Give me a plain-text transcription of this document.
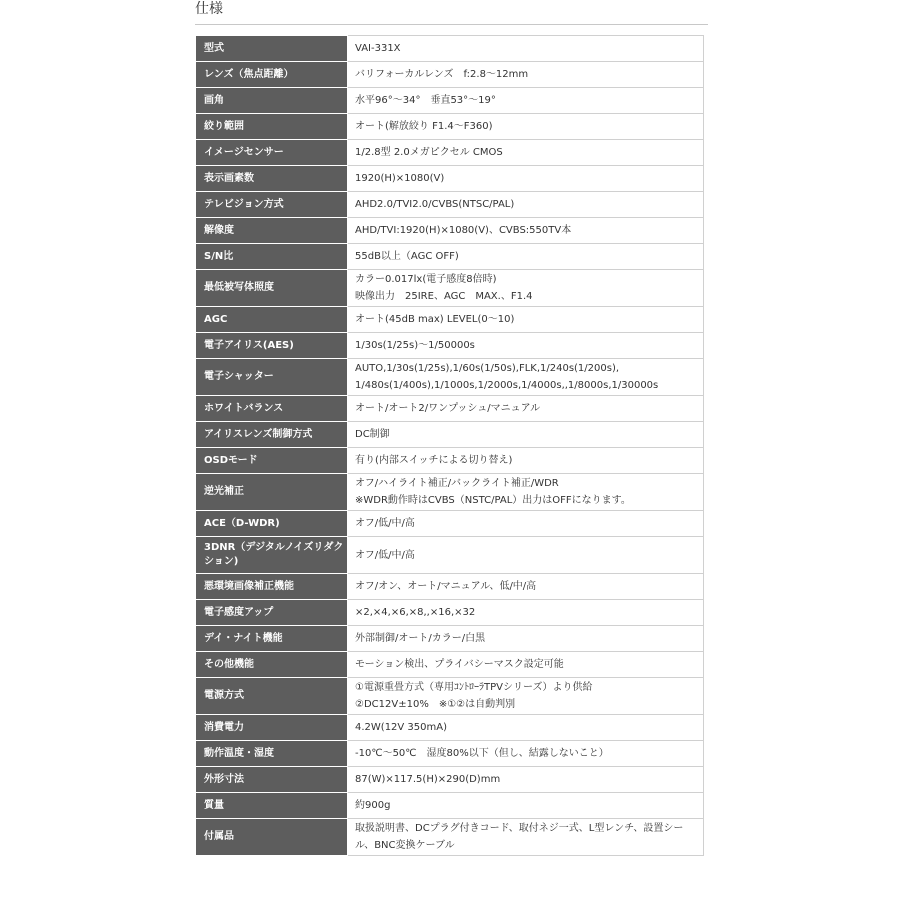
仕様
型式	VAI-331X

レンズ（焦点距離）	バリフォーカルレンズ　f:2.8〜12mm

画角	水平96°〜34°　垂直53°〜19°

絞り範囲	オート(解放絞り F1.4〜F360)

イメージセンサー	1/2.8型 2.0メガピクセル CMOS

表示画素数	1920(H)×1080(V)

テレビジョン方式	AHD2.0/TVI2.0/CVBS(NTSC/PAL)

解像度	AHD/TVI:1920(H)×1080(V)、CVBS:550TV本

S/N比	55dB以上（AGC OFF)

最低被写体照度	カラー0.017lx(電子感度8倍時)
映像出力　25IRE、AGC　MAX.、F1.4

AGC	オート(45dB max) LEVEL(0〜10)

電子アイリス(AES)	1/30s(1/25s)〜1/50000s

電子シャッター	AUTO,1/30s(1/25s),1/60s(1/50s),FLK,1/240s(1/200s),
1/480s(1/400s),1/1000s,1/2000s,1/4000s,,1/8000s,1/30000s

ホワイトバランス	オート/オート2/ワンプッシュ/マニュアル

アイリスレンズ制御方式	DC制御

OSDモード	有り(内部スイッチによる切り替え)

逆光補正	オフ/ハイライト補正/バックライト補正/WDR
※WDR動作時はCVBS（NSTC/PAL）出力はOFFになります。

ACE（D-WDR)	オフ/低/中/高

3DNR（デジタルノイズリダクション)	オフ/低/中/高

悪環境画像補正機能	オフ/オン、オート/マニュアル、低/中/高

電子感度アップ	×2,×4,×6,×8,,×16,×32

デイ・ナイト機能	外部制御/オート/カラー/白黒

その他機能	モーション検出、プライバシーマスク設定可能

電源方式	①電源重畳方式（専用ｺﾝﾄﾛｰﾗTPVシリーズ）より供給
②DC12V±10%　※①②は自動判別

消費電力	4.2W(12V 350mA)

動作温度・湿度	-10℃〜50℃　湿度80%以下（但し、結露しないこと）

外形寸法	87(W)×117.5(H)×290(D)mm

質量	約900g

付属品	取扱説明書、DCプラグ付きコード、取付ネジ一式、L型レンチ、設置シー
ル、BNC変換ケーブル
